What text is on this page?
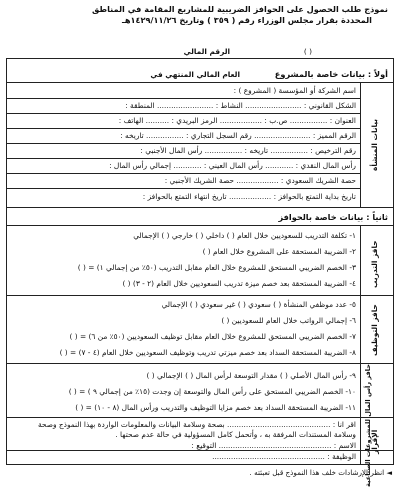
نموذج طلب الحصول على الحوافز الضريبية للمشاريع المقامة في المناطق
المحددة بقرار مجلس الوزراء رقم ( ٣٥٩ ) وتاريخ ١٤٢٩/١١/٢٦هـ
الرقم المالي	( )
أولاً : بيانات خاصة بالمشروع
العام المالي المنتهي في
بيانات المنشأة
اسم الشركة أو المؤسسة ( المشروع ) :
الشكل القانوني : ........................ النشاط : ........................ المنطقة :
العنوان : ................ ص.ب : .................. الرمز البريدي : .......... الهاتف :
الرقم المميز : ........................ رقم السجل التجاري : ................ تاريخه :
رقم الترخيص : ................ تاريخه : ................ رأس المال الأجنبي :
رأس المال النقدي : ............ رأس المال العيني : ............ إجمالي رأس المال :
حصة الشريك السعودي : .................. حصة الشريك الأجنبي :
تاريخ بداية التمتع بالحوافز : .................. تاريخ انتهاء التمتع بالحوافز :
ثانياً : بيانات خاصة بالحوافز
حافز التدريب
١- تكلفة التدريب للسعوديين خلال العام ( ) داخلي ( ) خارجي ( ) الإجمالي
٢- الضريبة المستحقة على المشروع خلال العام ( )
٣- الخصم الضريبي المستحق للمشروع خلال العام مقابل التدريب (٥٠٪ من إجمالي ١) = ( )
٤- الضريبة المستحقة بعد خصم ميزة تدريب السعوديين خلال العام (٢ - ٣) ( )
حافز التوظيف
٥- عدد موظفي المنشأة ( ) سعودي ( ) غير سعودي ( ) الإجمالي
٦- إجمالي الرواتب خلال العام للسعوديين ( )
٧- الخصم الضريبي المستحق للمشروع خلال العام مقابل توظيف السعوديين (٥٠٪ من ٦) = ( )
٨- الضريبة المستحقة السداد بعد خصم ميزتي تدريب وتوظيف السعوديين خلال العام (٤ - ٧) = ( )
حافز رأس المال للمشروعات الصناعية
٩- رأس المال الأصلي ( ) مقدار التوسعة لرأس المال ( ) الإجمالي ( )
١٠- الخصم الضريبي المستحق على رأس المال والتوسعة إن وجدت (١٥٪ من إجمالي ٩ ) = ( )
١١- الضريبة المستحقة السداد بعد خصم مزايا التوظيف والتدريب ورأس المال (٨ - ١٠) = ( )
الإقرار
اقر انا : ............................................ بصحة وسلامة البيانات والمعلومات الواردة بهذا النموذج وصحة
وسلامة المستندات المرفقة به ، وأتحمل كامل المسؤولية في حالة عدم صحتها .
الاسم : ................................................ التوقيع :
الوظيفة : ................................................
◄ انظر الإرشادات خلف هذا النموذج قبل تعبئته .
